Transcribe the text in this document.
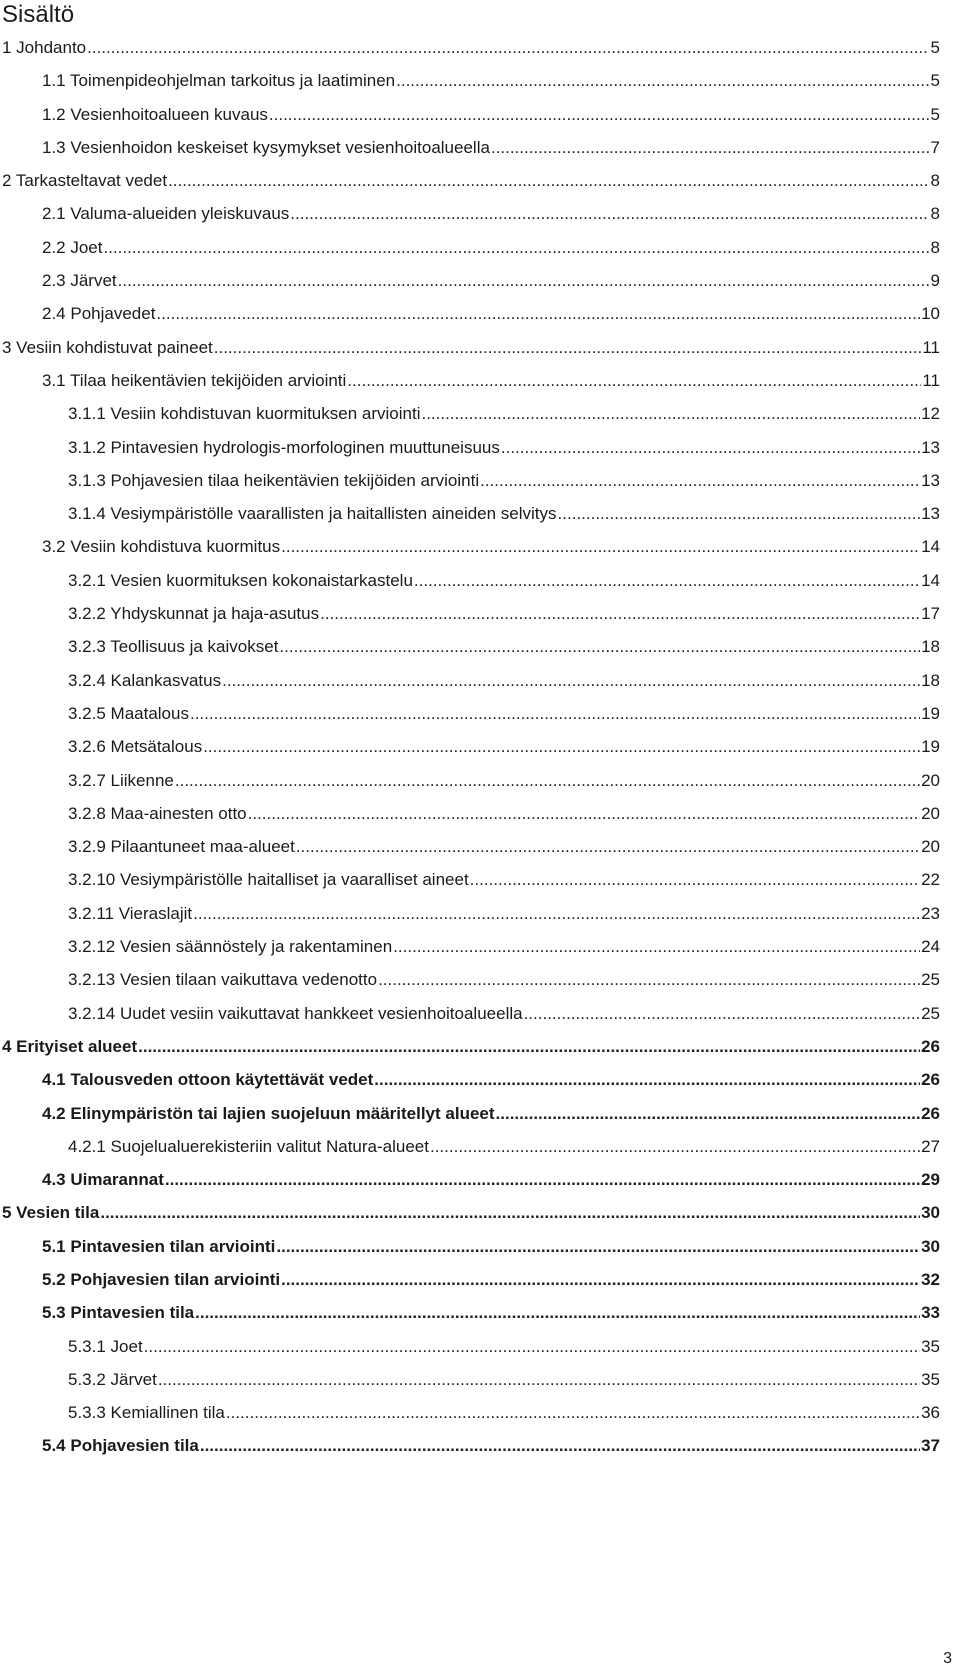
Sisältö
1 Johdanto .....	5
1.1 Toimenpideohjelman tarkoitus ja laatiminen .....	5
1.2 Vesienhoitoalueen kuvaus .....	5
1.3 Vesienhoidon keskeiset kysymykset vesienhoitoalueella .....	7
2 Tarkasteltavat vedet .....	8
2.1 Valuma-alueiden yleiskuvaus .....	8
2.2 Joet .....	8
2.3 Järvet .....	9
2.4 Pohjavedet .....	10
3 Vesiin kohdistuvat paineet .....	11
3.1 Tilaa heikentävien tekijöiden arviointi .....	11
3.1.1 Vesiin kohdistuvan kuormituksen arviointi .....	12
3.1.2 Pintavesien hydrologis-morfologinen muuttuneisuus .....	13
3.1.3 Pohjavesien tilaa heikentävien tekijöiden arviointi .....	13
3.1.4 Vesiympäristölle vaarallisten ja haitallisten aineiden selvitys .....	13
3.2 Vesiin kohdistuva kuormitus .....	14
3.2.1 Vesien kuormituksen kokonaistarkastelu .....	14
3.2.2 Yhdyskunnat ja haja-asutus .....	17
3.2.3 Teollisuus ja kaivokset .....	18
3.2.4 Kalankasvatus .....	18
3.2.5 Maatalous .....	19
3.2.6 Metsätalous .....	19
3.2.7 Liikenne .....	20
3.2.8 Maa-ainesten otto .....	20
3.2.9 Pilaantuneet maa-alueet .....	20
3.2.10 Vesiympäristölle haitalliset ja vaaralliset aineet .....	22
3.2.11 Vieraslajit .....	23
3.2.12 Vesien säännöstely ja rakentaminen .....	24
3.2.13 Vesien tilaan vaikuttava vedenotto .....	25
3.2.14 Uudet vesiin vaikuttavat hankkeet vesienhoitoalueella .....	25
4 Erityiset alueet .....	26
4.1 Talousveden ottoon käytettävät vedet .....	26
4.2 Elinympäristön tai lajien suojeluun määritellyt alueet .....	26
4.2.1 Suojelualuerekisteriin valitut Natura-alueet .....	27
4.3 Uimarannat .....	29
5 Vesien tila .....	30
5.1 Pintavesien tilan arviointi .....	30
5.2 Pohjavesien tilan arviointi .....	32
5.3 Pintavesien tila .....	33
5.3.1 Joet .....	35
5.3.2 Järvet .....	35
5.3.3 Kemiallinen tila .....	36
5.4 Pohjavesien tila .....	37

3
